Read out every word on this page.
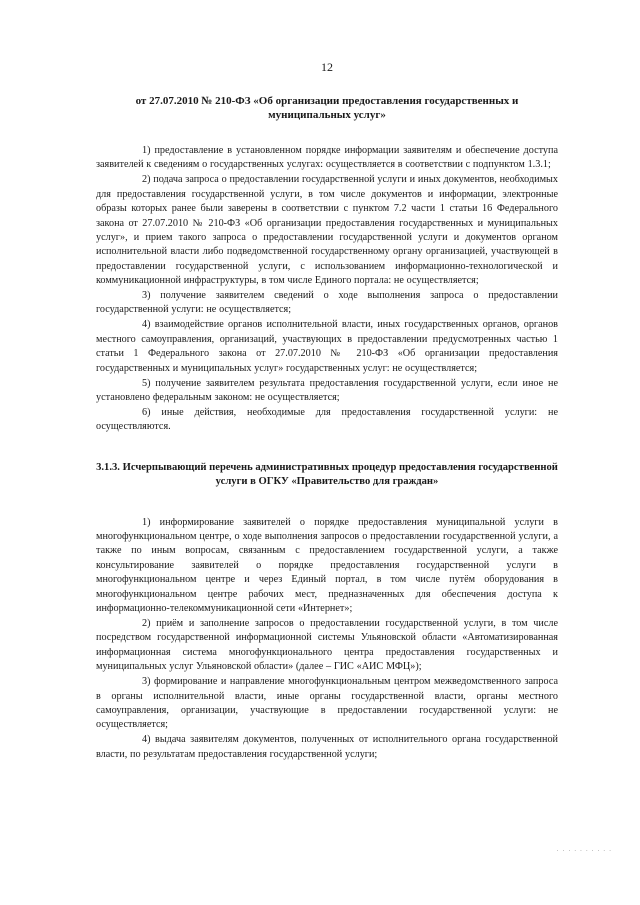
12
от 27.07.2010 № 210-ФЗ «Об организации предоставления государственных и муниципальных услуг»

1) предоставление в установленном порядке информации заявителям и обеспечение доступа заявителей к сведениям о государственных услугах: осуществляется в соответствии с подпунктом 1.3.1;

2) подача запроса о предоставлении государственной услуги и иных документов, необходимых для предоставления государственной услуги, в том числе документов и информации, электронные образы которых ранее были заверены в соответствии с пунктом 7.2 части 1 статьи 16 Федерального закона от 27.07.2010 № 210-ФЗ «Об организации предоставления государственных и муниципальных услуг», и прием такого запроса о предоставлении государственной услуги и документов органом исполнительной власти либо подведомственной государственному органу организацией, участвующей в предоставлении государственной услуги, с использованием информационно-технологической и коммуникационной инфраструктуры, в том числе Единого портала: не осуществляется;

3) получение заявителем сведений о ходе выполнения запроса о предоставлении государственной услуги: не осуществляется;

4) взаимодействие органов исполнительной власти, иных государственных органов, органов местного самоуправления, организаций, участвующих в предоставлении предусмотренных частью 1 статьи 1 Федерального закона от 27.07.2010 № 210-ФЗ «Об организации предоставления государственных и муниципальных услуг» государственных услуг: не осуществляется;

5) получение заявителем результата предоставления государственной услуги, если иное не установлено федеральным законом: не осуществляется;

6) иные действия, необходимые для предоставления государственной услуги: не осуществляются.

3.1.3. Исчерпывающий перечень административных процедур предоставления государственной услуги в ОГКУ «Правительство для граждан»

1) информирование заявителей о порядке предоставления муниципальной услуги в многофункциональном центре, о ходе выполнения запросов о предоставлении государственной услуги, а также по иным вопросам, связанным с предоставлением государственной услуги, а также консультирование заявителей о порядке предоставления государственной услуги в многофункциональном центре и через Единый портал, в том числе путём оборудования в многофункциональном центре рабочих мест, предназначенных для обеспечения доступа к информационно-телекоммуникационной сети «Интернет»;

2) приём и заполнение запросов о предоставлении государственной услуги, в том числе посредством государственной информационной системы Ульяновской области «Автоматизированная информационная система многофункционального центра предоставления государственных и муниципальных услуг Ульяновской области» (далее – ГИС «АИС МФЦ»);

3) формирование и направление многофункциональным центром межведомственного запроса в органы исполнительной власти, иные органы государственной власти, органы местного самоуправления, организации, участвующие в предоставлении государственной услуги: не осуществляется;

4) выдача заявителям документов, полученных от исполнительного органа государственной власти, по результатам предоставления государственной услуги;

· · · · · · · · · ·
